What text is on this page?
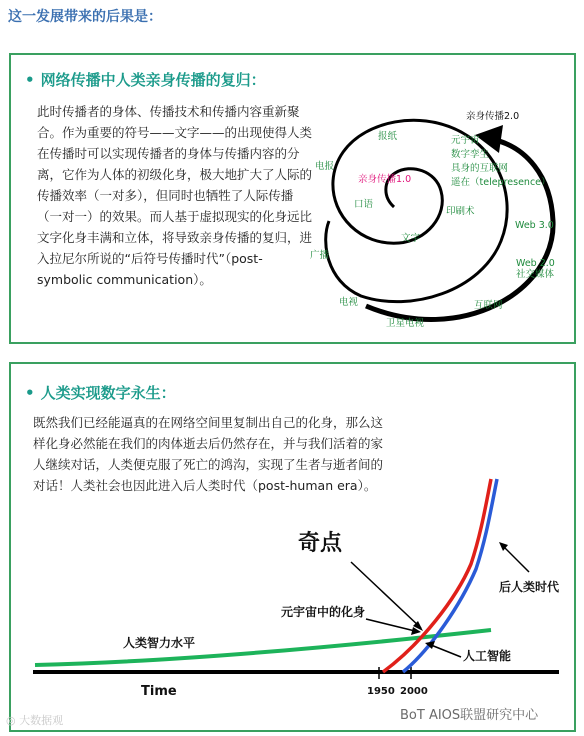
这一发展带来的后果是：
• 网络传播中人类亲身传播的复归：
此时传播者的身体、传播技术和传播内容重新聚合。作为重要的符号——文字——的出现使得人类在传播时可以实现传播者的身体与传播内容的分离，它作为人体的初级化身，极大地扩大了人际的传播效率（一对多），但同时也牺牲了人际传播（一对一）的效果。而人基于虚拟现实的化身远比文字化身丰满和立体，将导致亲身传播的复归，进入拉尼尔所说的“后符号传播时代”（post-symbolic communication）。
亲身传播1.0
亲身传播2.0
口语
文字
印刷术
报纸
电报
广播
电视
卫星电视
互联网
Web 2.0
社交媒体
Web 3.0
元宇宙
数字孪生
具身的互联网
遥在（telepresence）
• 人类实现数字永生：
既然我们已经能逼真的在网络空间里复制出自己的化身，那么这样化身必然能在我们的肉体逝去后仍然存在，并与我们活着的家人继续对话，人类便克服了死亡的鸿沟，实现了生者与逝者间的对话！人类社会也因此进入后人类时代（post-human era）。
1950 2000
Time
奇点
元宇宙中的化身
人类智力水平
后人类时代
人工智能
◎ 大数据观	BoT AIOS联盟研究中心
